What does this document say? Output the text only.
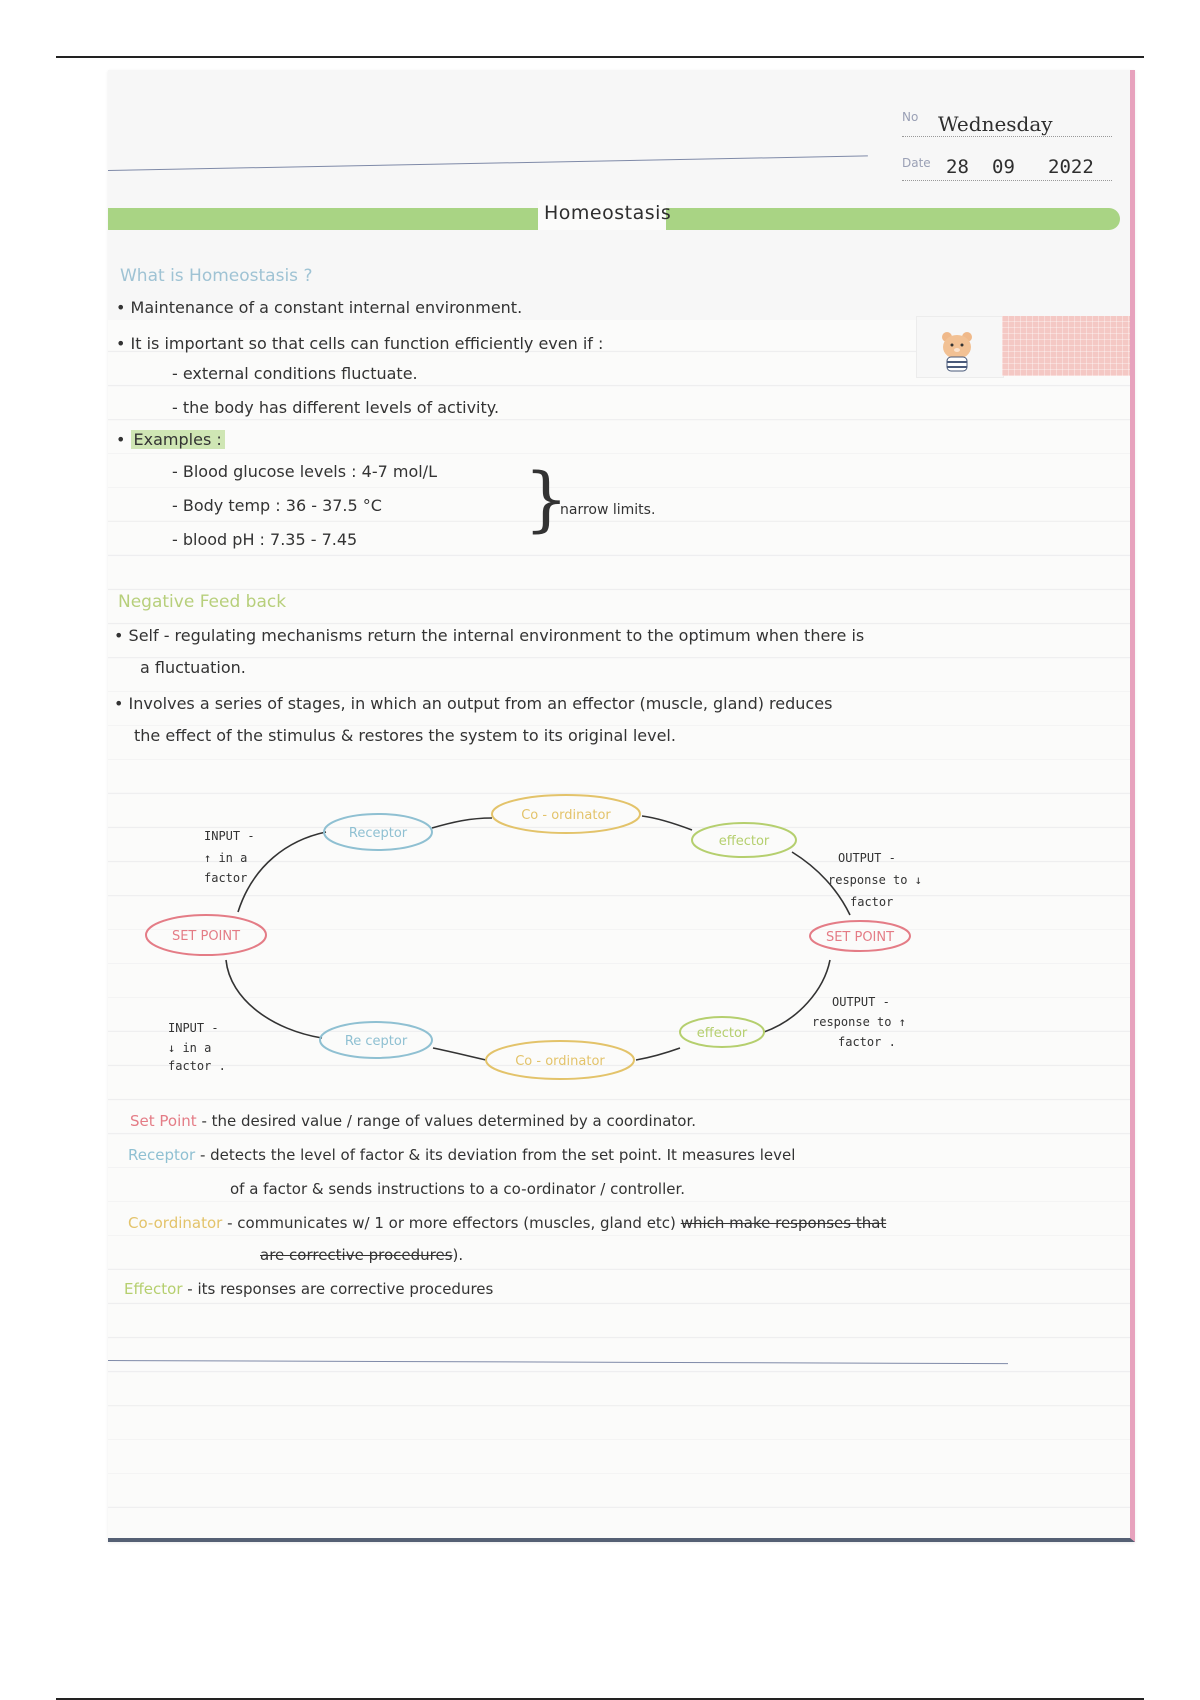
No Wednesday
Date 28 09 2022
Homeostasis
What is Homeostasis ?
• Maintenance of a constant internal environment.
• It is important so that cells can function efficiently even if :
- external conditions fluctuate.
- the body has different levels of activity.
• Examples :
- Blood glucose levels : 4-7 mol/L
- Body temp : 36 - 37.5 °C
- blood pH : 7.35 - 7.45 }
narrow limits.
Negative Feed back
• Self - regulating mechanisms return the internal environment to the optimum when there is
a fluctuation.
• Involves a series of stages, in which an output from an effector (muscle, gland) reduces
the effect of the stimulus & restores the system to its original level.
SET POINT
Receptor
Co - ordinator
effector
SET POINT
Re ceptor
Co - ordinator
effector
INPUT -
↑ in a
factor
OUTPUT -
response to ↓
factor
INPUT -
↓ in a
factor .
OUTPUT -
response to ↑
factor .
Set Point - the desired value / range of values determined by a coordinator.
Receptor - detects the level of factor & its deviation from the set point. It measures level
of a factor & sends instructions to a co-ordinator / controller.
Co-ordinator - communicates w/ 1 or more effectors (muscles, gland etc) which make responses that
are corrective procedures).
Effector - its responses are corrective procedures
